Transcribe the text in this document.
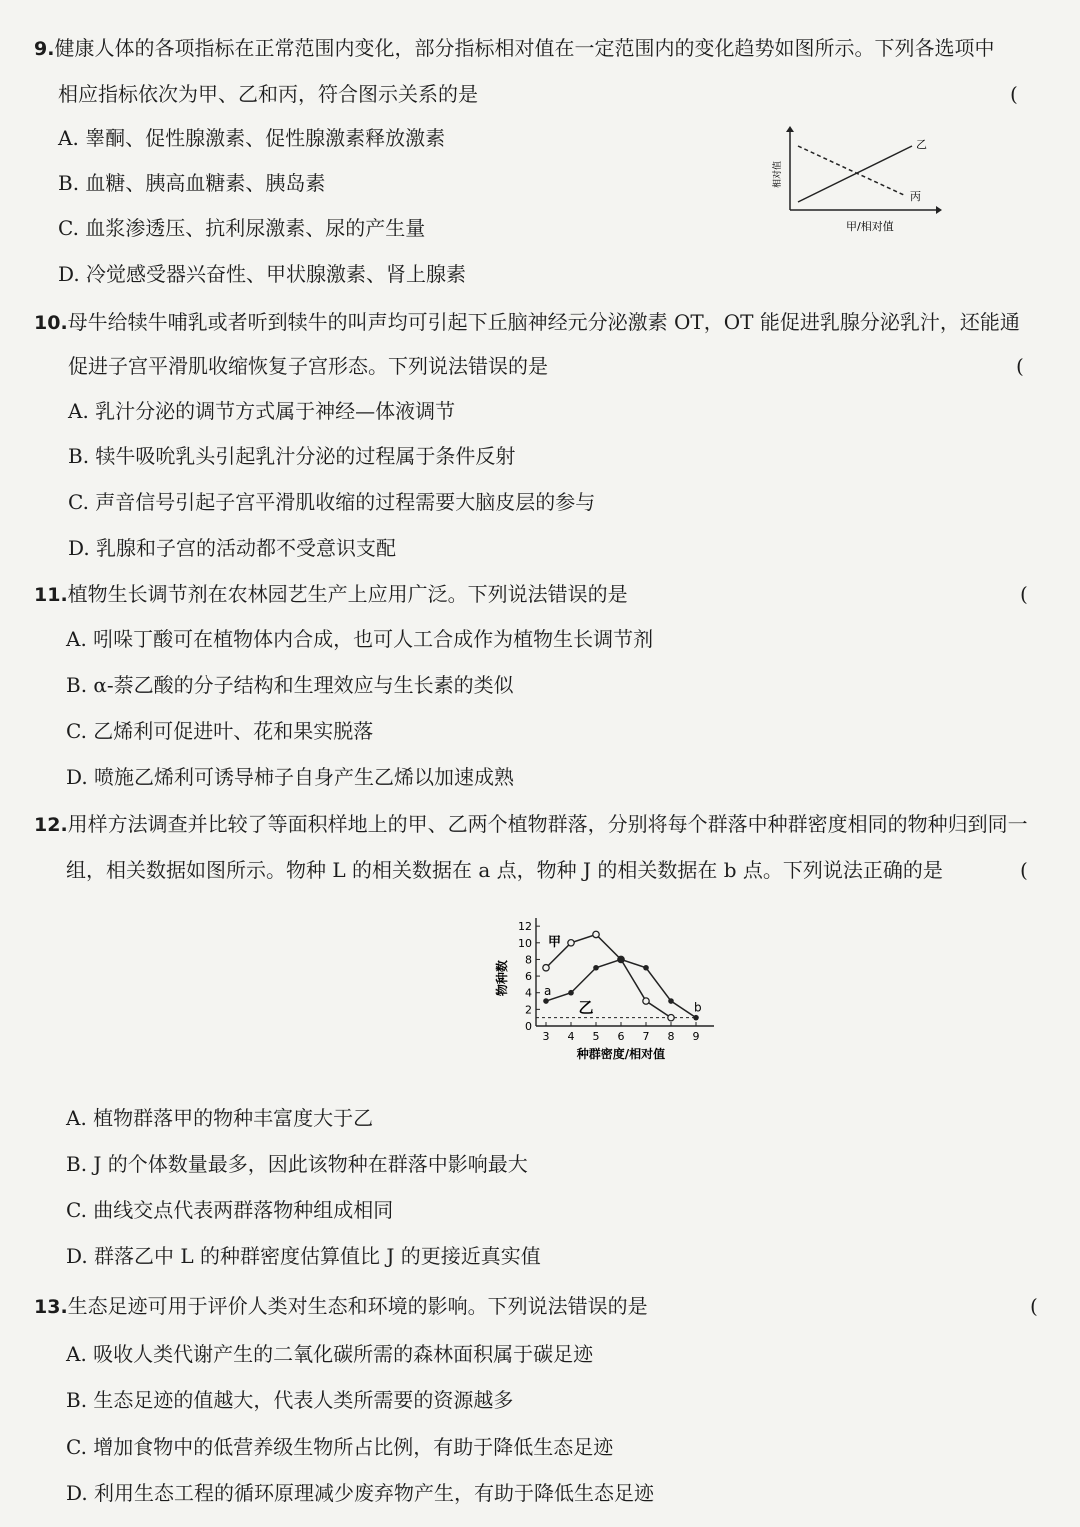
9.健康人体的各项指标在正常范围内变化，部分指标相对值在一定范围内的变化趋势如图所示。下列各选项中
相应指标依次为甲、乙和丙，符合图示关系的是	(
A. 睾酮、促性腺激素、促性腺激素释放激素
B. 血糖、胰高血糖素、胰岛素
C. 血浆渗透压、抗利尿激素、尿的产生量
D. 冷觉感受器兴奋性、甲状腺激素、肾上腺素
乙
丙
相对值
甲/相对值
10.母牛给犊牛哺乳或者听到犊牛的叫声均可引起下丘脑神经元分泌激素 OT，OT 能促进乳腺分泌乳汁，还能通
促进子宫平滑肌收缩恢复子宫形态。下列说法错误的是	(
A. 乳汁分泌的调节方式属于神经—体液调节
B. 犊牛吸吮乳头引起乳汁分泌的过程属于条件反射
C. 声音信号引起子宫平滑肌收缩的过程需要大脑皮层的参与
D. 乳腺和子宫的活动都不受意识支配
11.植物生长调节剂在农林园艺生产上应用广泛。下列说法错误的是	(
A. 吲哚丁酸可在植物体内合成，也可人工合成作为植物生长调节剂
B. α-萘乙酸的分子结构和生理效应与生长素的类似
C. 乙烯利可促进叶、花和果实脱落
D. 喷施乙烯利可诱导柿子自身产生乙烯以加速成熟
12.用样方法调查并比较了等面积样地上的甲、乙两个植物群落，分别将每个群落中种群密度相同的物种归到同一
组，相关数据如图所示。物种 L 的相关数据在 a 点，物种 J 的相关数据在 b 点。下列说法正确的是	(
0
2
4
6
8
10
12
3 4 5 6 7 8 9
甲
乙
a
b
种群密度/相对值
物种数
A. 植物群落甲的物种丰富度大于乙
B. J 的个体数量最多，因此该物种在群落中影响最大
C. 曲线交点代表两群落物种组成相同
D. 群落乙中 L 的种群密度估算值比 J 的更接近真实值
13.生态足迹可用于评价人类对生态和环境的影响。下列说法错误的是	(
A. 吸收人类代谢产生的二氧化碳所需的森林面积属于碳足迹
B. 生态足迹的值越大，代表人类所需要的资源越多
C. 增加食物中的低营养级生物所占比例，有助于降低生态足迹
D. 利用生态工程的循环原理减少废弃物产生，有助于降低生态足迹
